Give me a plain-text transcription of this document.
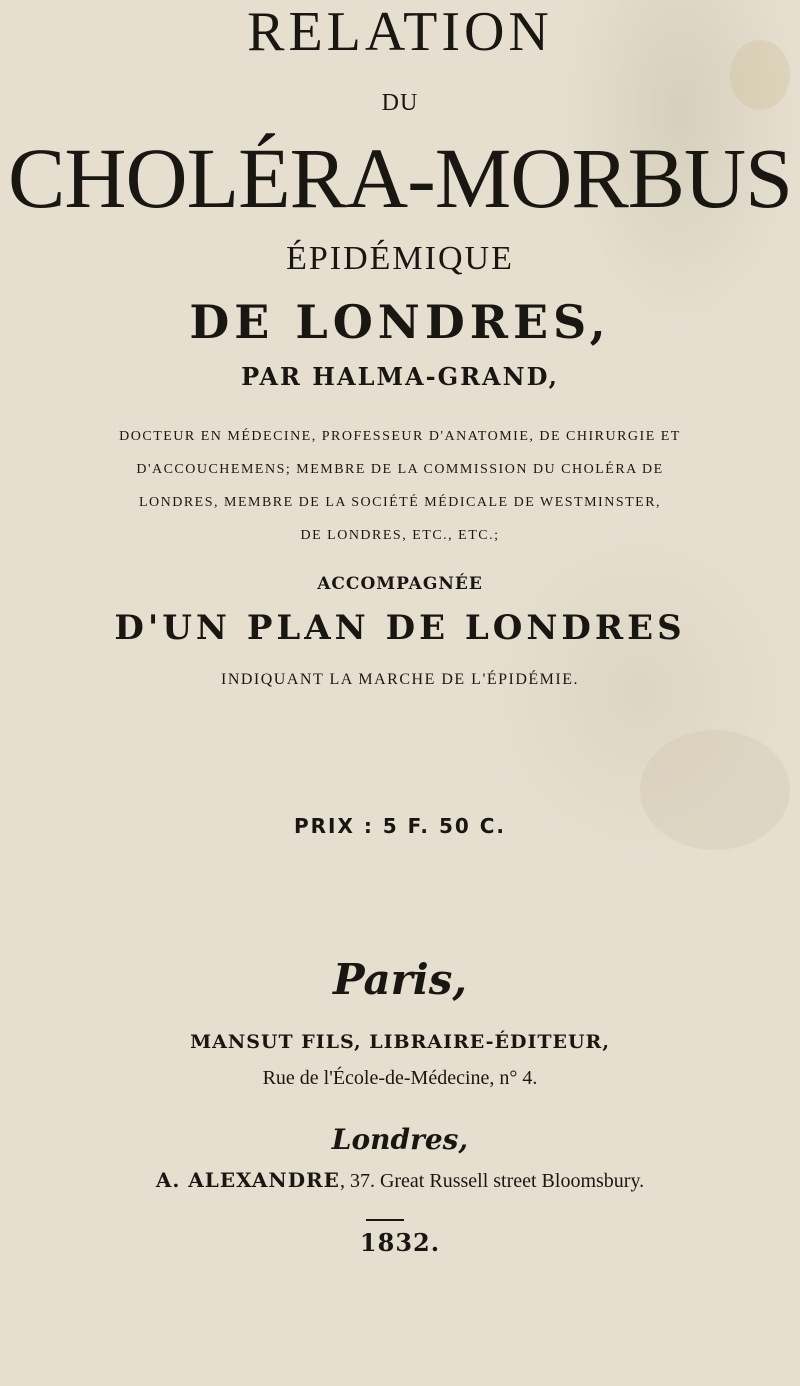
RELATION
DU
CHOLÉRA-MORBUS
ÉPIDÉMIQUE
DE LONDRES,
PAR HALMA-GRAND,
DOCTEUR EN MÉDECINE, PROFESSEUR D'ANATOMIE, DE CHIRURGIE ET
D'ACCOUCHEMENS; MEMBRE DE LA COMMISSION DU CHOLÉRA DE
LONDRES, MEMBRE DE LA SOCIÉTÉ MÉDICALE DE WESTMINSTER,
DE LONDRES, ETC., ETC.;
ACCOMPAGNÉE
D'UN PLAN DE LONDRES
INDIQUANT LA MARCHE DE L'ÉPIDÉMIE.
PRIX : 5 F. 50 C.
Paris,
MANSUT FILS, LIBRAIRE-ÉDITEUR,
Rue de l'École-de-Médecine, n° 4.
Londres,
A. ALEXANDRE, 37. Great Russell street Bloomsbury.
1832.
